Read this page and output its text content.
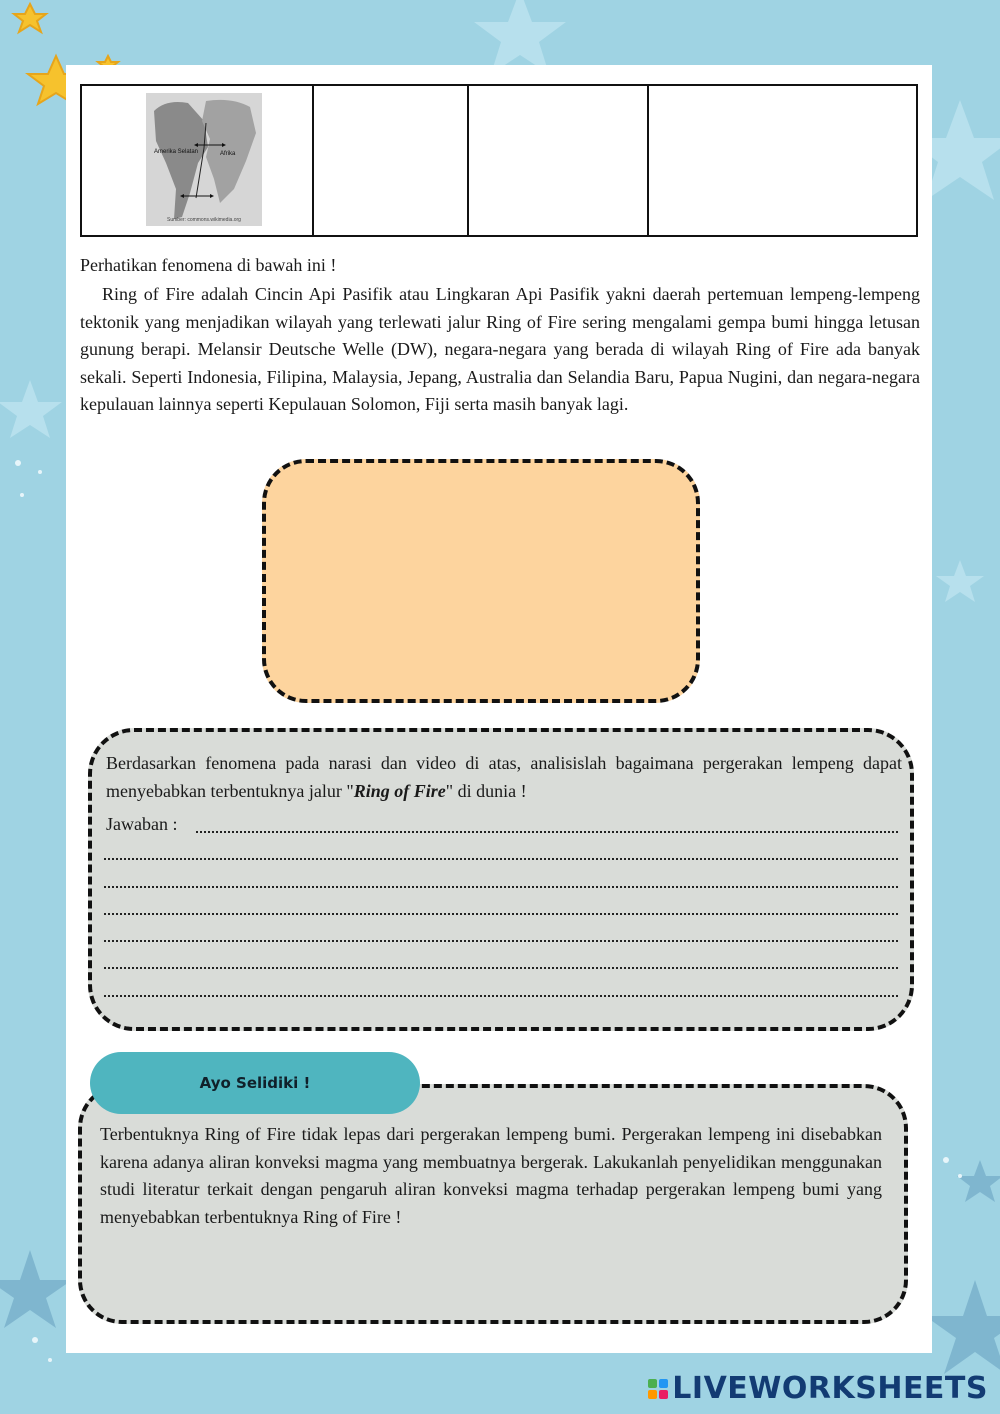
Amerika Selatan	Afrika
Sumber: commons.wikimedia.org
Perhatikan fenomena di bawah ini !
Ring of Fire adalah Cincin Api Pasifik atau Lingkaran Api Pasifik yakni daerah pertemuan lempeng-lempeng tektonik yang menjadikan wilayah yang terlewati jalur Ring of Fire sering mengalami gempa bumi hingga letusan gunung berapi. Melansir Deutsche Welle (DW), negara-negara yang berada di wilayah Ring of Fire ada banyak sekali. Seperti Indonesia, Filipina, Malaysia, Jepang, Australia dan Selandia Baru, Papua Nugini, dan negara-negara kepulauan lainnya seperti Kepulauan Solomon, Fiji serta masih banyak lagi.
Berdasarkan fenomena pada narasi dan video di atas, analisislah bagaimana pergerakan lempeng dapat menyebabkan terbentuknya jalur "Ring of Fire" di dunia !
Jawaban :
Ayo Selidiki !
Terbentuknya Ring of Fire tidak lepas dari pergerakan lempeng bumi. Pergerakan lempeng ini disebabkan karena adanya aliran konveksi magma yang membuatnya bergerak. Lakukanlah penyelidikan menggunakan studi literatur terkait dengan pengaruh aliran konveksi magma terhadap pergerakan lempeng bumi yang menyebabkan terbentuknya Ring of Fire !
LIVEWORKSHEETS
